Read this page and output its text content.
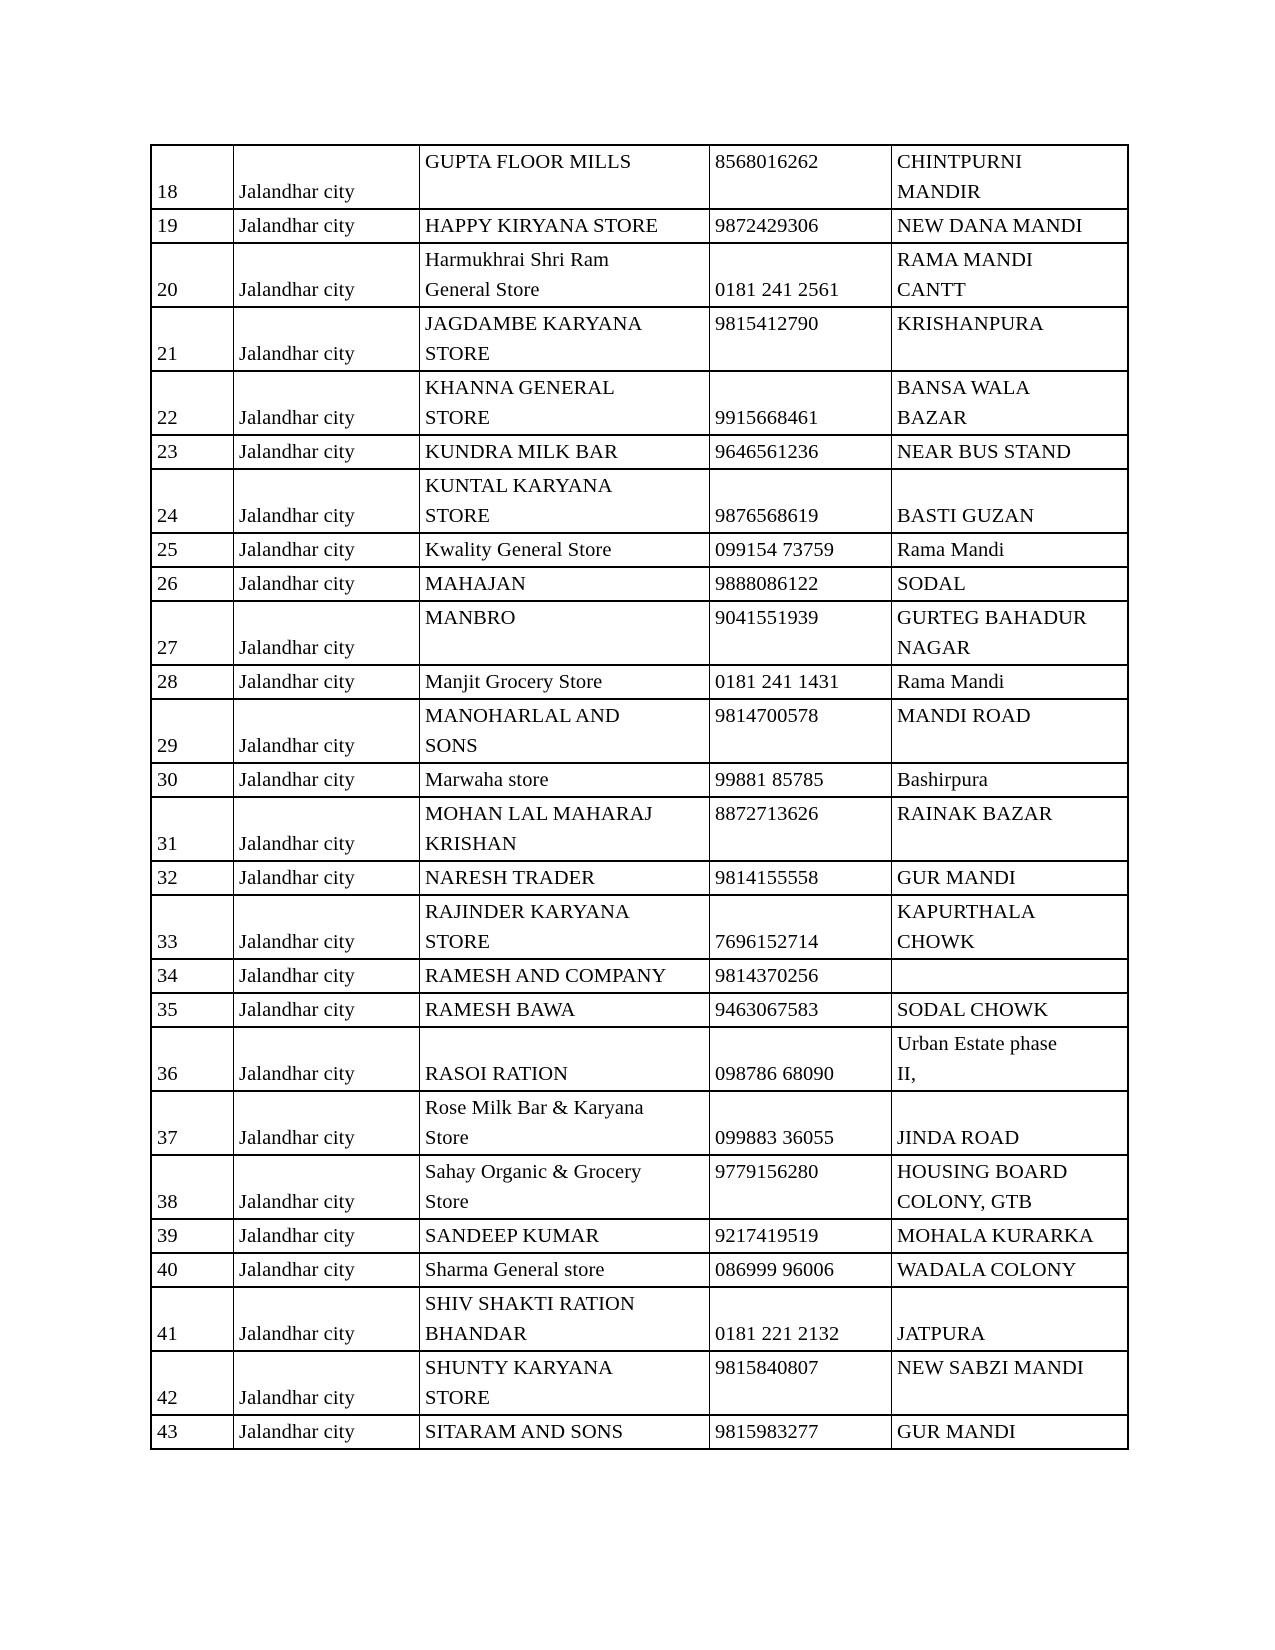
18	Jalandhar city	GUPTA FLOOR MILLS	8568016262	CHINTPURNI
MANDIR

19	Jalandhar city	HAPPY KIRYANA STORE	9872429306	NEW DANA MANDI

20	Jalandhar city	Harmukhrai Shri Ram
General Store	0181 241 2561	RAMA MANDI
CANTT

21	Jalandhar city	JAGDAMBE KARYANA
STORE	9815412790	KRISHANPURA

22	Jalandhar city	KHANNA GENERAL
STORE	9915668461	BANSA WALA
BAZAR

23	Jalandhar city	KUNDRA MILK BAR	9646561236	NEAR BUS STAND

24	Jalandhar city	KUNTAL KARYANA
STORE	9876568619	BASTI GUZAN

25	Jalandhar city	Kwality General Store	099154 73759	Rama Mandi

26	Jalandhar city	MAHAJAN	9888086122	SODAL

27	Jalandhar city	MANBRO	9041551939	GURTEG BAHADUR
NAGAR

28	Jalandhar city	Manjit Grocery Store	0181 241 1431	Rama Mandi

29	Jalandhar city	MANOHARLAL AND
SONS	9814700578	MANDI ROAD

30	Jalandhar city	Marwaha store	99881 85785	Bashirpura

31	Jalandhar city	MOHAN LAL MAHARAJ
KRISHAN	8872713626	RAINAK BAZAR

32	Jalandhar city	NARESH TRADER	9814155558	GUR MANDI

33	Jalandhar city	RAJINDER KARYANA
STORE	7696152714	KAPURTHALA
CHOWK

34	Jalandhar city	RAMESH AND COMPANY	9814370256	

35	Jalandhar city	RAMESH BAWA	9463067583	SODAL CHOWK

36	Jalandhar city	RASOI RATION	098786 68090	Urban Estate phase
II,

37	Jalandhar city	Rose Milk Bar & Karyana
Store	099883 36055	JINDA ROAD

38	Jalandhar city	Sahay Organic & Grocery
Store	9779156280	HOUSING BOARD
COLONY, GTB

39	Jalandhar city	SANDEEP KUMAR	9217419519	MOHALA KURARKA

40	Jalandhar city	Sharma General store	086999 96006	WADALA COLONY

41	Jalandhar city	SHIV SHAKTI RATION
BHANDAR	0181 221 2132	JATPURA

42	Jalandhar city	SHUNTY KARYANA
STORE	9815840807	NEW SABZI MANDI

43	Jalandhar city	SITARAM AND SONS	9815983277	GUR MANDI
